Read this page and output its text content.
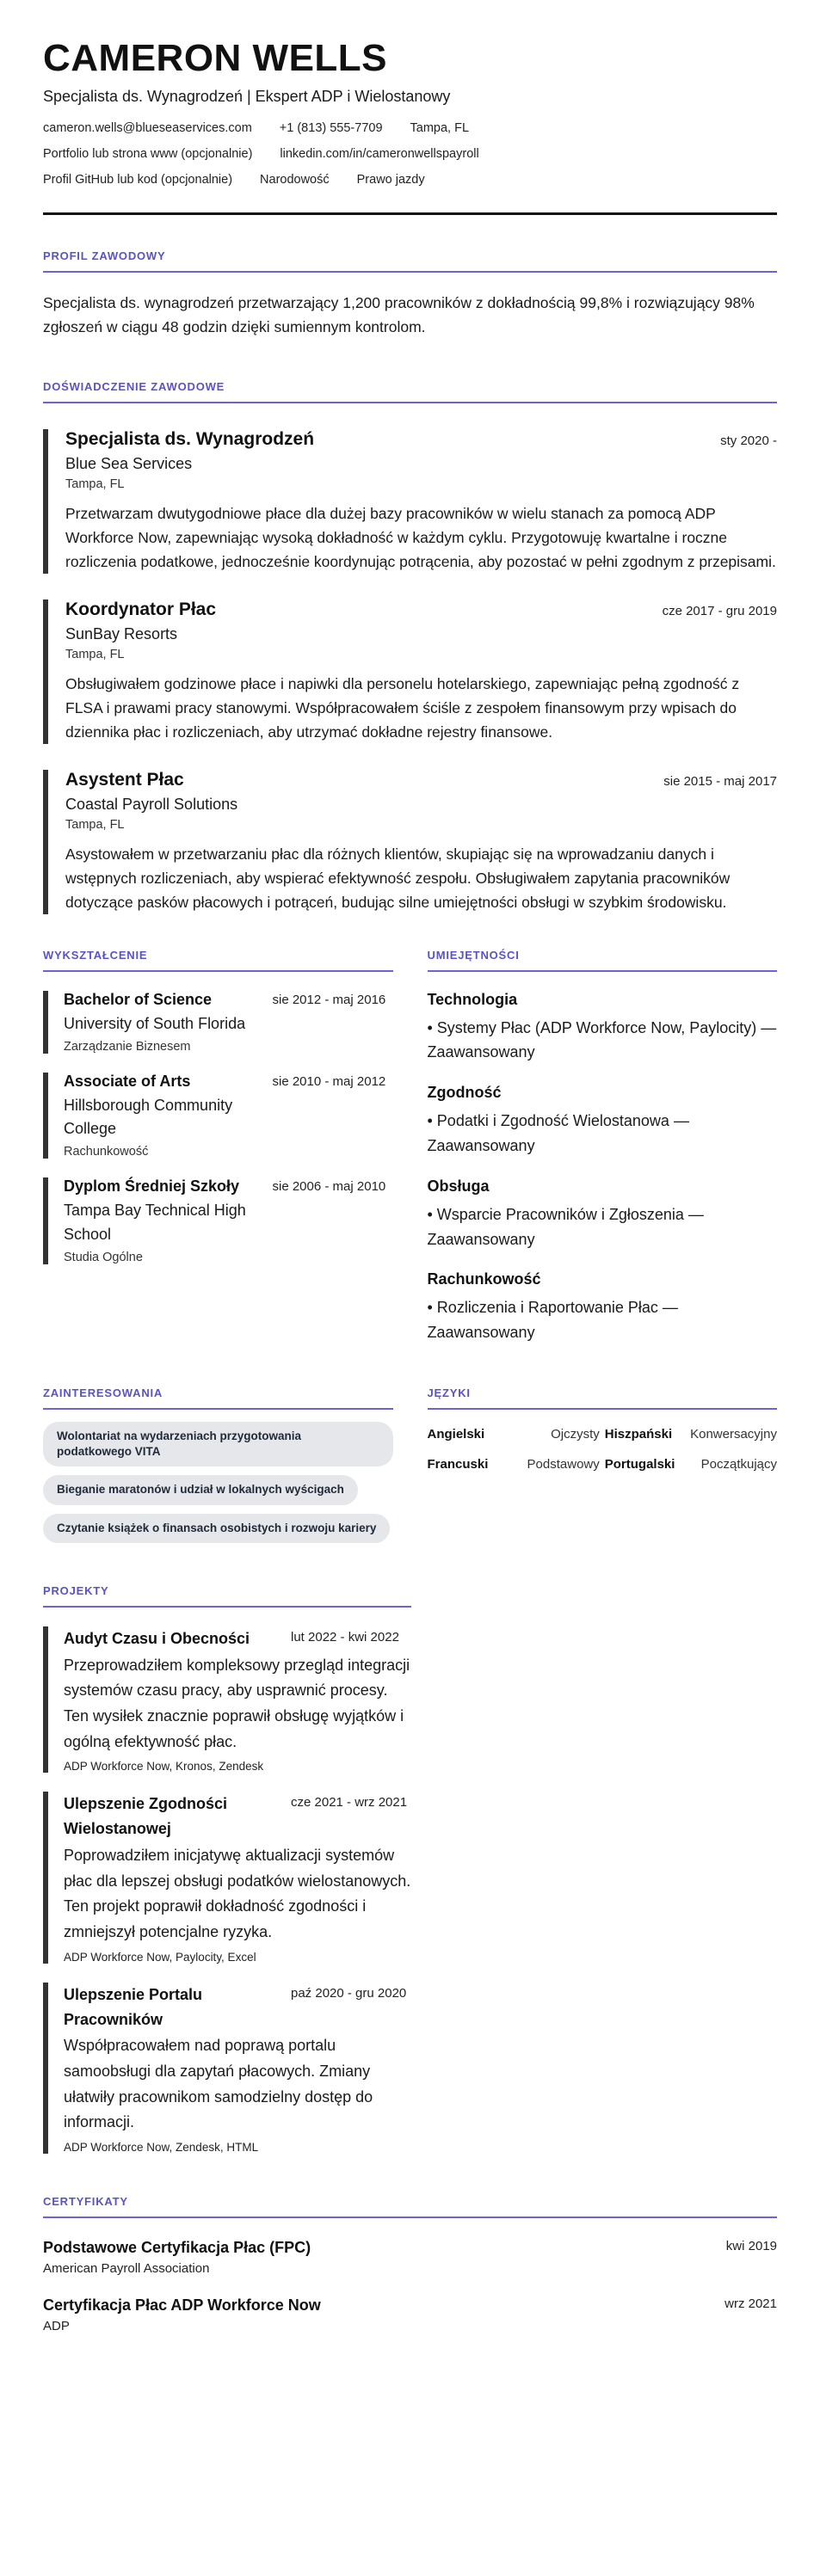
CAMERON WELLS
Specjalista ds. Wynagrodzeń | Ekspert ADP i Wielostanowy
cameron.wells@blueseaservices.com +1 (813) 555-7709 Tampa, FL
Portfolio lub strona www (opcjonalnie) linkedin.com/in/cameronwellspayroll
Profil GitHub lub kod (opcjonalnie) Narodowość Prawo jazdy
PROFIL ZAWODOWY

Specjalista ds. wynagrodzeń przetwarzający 1,200 pracowników z dokładnością 99,8% i rozwiązujący 98% zgłoszeń w ciągu 48 godzin dzięki sumiennym kontrolom.

DOŚWIADCZENIE ZAWODOWE
Specjalista ds. Wynagrodzeń	sty 2020 -
Blue Sea Services
Tampa, FL

Przetwarzam dwutygodniowe płace dla dużej bazy pracowników w wielu stanach za pomocą ADP Workforce Now, zapewniając wysoką dokładność w każdym cyklu. Przygotowuję kwartalne i roczne rozliczenia podatkowe, jednocześnie koordynując potrącenia, aby pozostać w pełni zgodnym z przepisami.

Koordynator Płac	cze 2017 - gru 2019
SunBay Resorts
Tampa, FL

Obsługiwałem godzinowe płace i napiwki dla personelu hotelarskiego, zapewniając pełną zgodność z FLSA i prawami pracy stanowymi. Współpracowałem ściśle z zespołem finansowym przy wpisach do dziennika płac i rozliczeniach, aby utrzymać dokładne rejestry finansowe.

Asystent Płac	sie 2015 - maj 2017
Coastal Payroll Solutions
Tampa, FL

Asystowałem w przetwarzaniu płac dla różnych klientów, skupiając się na wprowadzaniu danych i wstępnych rozliczeniach, aby wspierać efektywność zespołu. Obsługiwałem zapytania pracowników dotyczące pasków płacowych i potrąceń, budując silne umiejętności obsługi w szybkim środowisku.

WYKSZTAŁCENIE
Bachelor of Science
University of South Florida
Zarządzanie Biznesem
sie 2012 - maj 2016
Associate of Arts
Hillsborough Community College
Rachunkowość
sie 2010 - maj 2012
Dyplom Średniej Szkoły
Tampa Bay Technical High School
Studia Ogólne
sie 2006 - maj 2010
UMIEJĘTNOŚCI
Technologia
• Systemy Płac (ADP Workforce Now, Paylocity) — Zaawansowany
Zgodność
• Podatki i Zgodność Wielostanowa — Zaawansowany
Obsługa
• Wsparcie Pracowników i Zgłoszenia — Zaawansowany
Rachunkowość
• Rozliczenia i Raportowanie Płac — Zaawansowany
ZAINTERESOWANIA
Wolontariat na wydarzeniach przygotowania podatkowego VITA
Bieganie maratonów i udział w lokalnych wyścigach
Czytanie książek o finansach osobistych i rozwoju kariery
JĘZYKI
Angielski	Ojczysty Hiszpański Konwersacyjny
Francuski	Podstawowy Portugalski Początkujący
PROJEKTY
Audyt Czasu i Obecności	lut 2022 - kwi 2022

Przeprowadziłem kompleksowy przegląd integracji systemów czasu pracy, aby usprawnić procesy. Ten wysiłek znacznie poprawił obsługę wyjątków i ogólną efektywność płac.

ADP Workforce Now, Kronos, Zendesk
Ulepszenie Zgodności Wielostanowej
cze 2021 - wrz 2021

Poprowadziłem inicjatywę aktualizacji systemów płac dla lepszej obsługi podatków wielostanowych. Ten projekt poprawił dokładność zgodności i zmniejszył potencjalne ryzyka.

ADP Workforce Now, Paylocity, Excel
Ulepszenie Portalu Pracowników
paź 2020 - gru 2020

Współpracowałem nad poprawą portalu samoobsługi dla zapytań płacowych. Zmiany ułatwiły pracownikom samodzielny dostęp do informacji.

ADP Workforce Now, Zendesk, HTML
CERTYFIKATY
Podstawowe Certyfikacja Płac (FPC)
American Payroll Association
kwi 2019
Certyfikacja Płac ADP Workforce Now
ADP
wrz 2021
